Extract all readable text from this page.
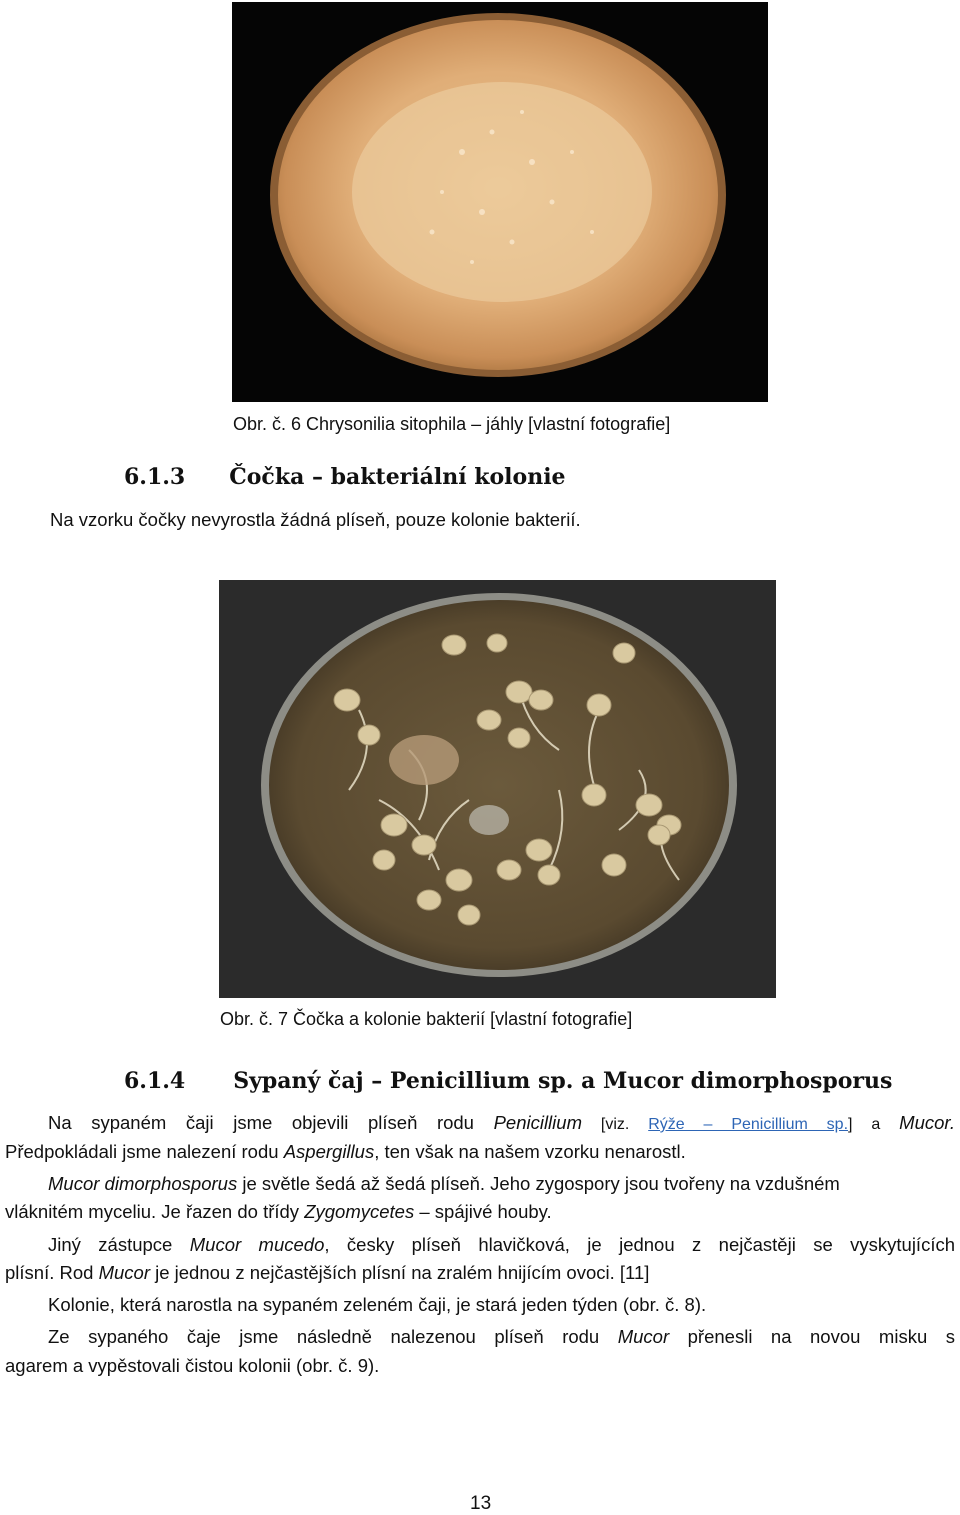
Obr. č. 6 Chrysonilia sitophila – jáhly [vlastní fotografie]
6.1.3 Čočka – bakteriální kolonie
Na vzorku čočky nevyrostla žádná plíseň, pouze kolonie bakterií.
Obr. č. 7 Čočka a kolonie bakterií [vlastní fotografie]
6.1.4 Sypaný čaj – Penicillium sp. a Mucor dimorphosporus
Na sypaném čaji jsme objevili plíseň rodu Penicillium [viz. Rýže – Penicillium sp.] a Mucor.
Předpokládali jsme nalezení rodu Aspergillus, ten však na našem vzorku nenarostl.
Mucor dimorphosporus je světle šedá až šedá plíseň. Jeho zygospory jsou tvořeny na vzdušném
vláknitém myceliu. Je řazen do třídy Zygomycetes – spájivé houby.
Jiný zástupce Mucor mucedo, česky plíseň hlavičková, je jednou z nejčastěji se vyskytujících
plísní. Rod Mucor je jednou z nejčastějších plísní na zralém hnijícím ovoci. [11]
Kolonie, která narostla na sypaném zeleném čaji, je stará jeden týden (obr. č. 8).
Ze sypaného čaje jsme následně nalezenou plíseň rodu Mucor přenesli na novou misku s
agarem a vypěstovali čistou kolonii (obr. č. 9).
13
